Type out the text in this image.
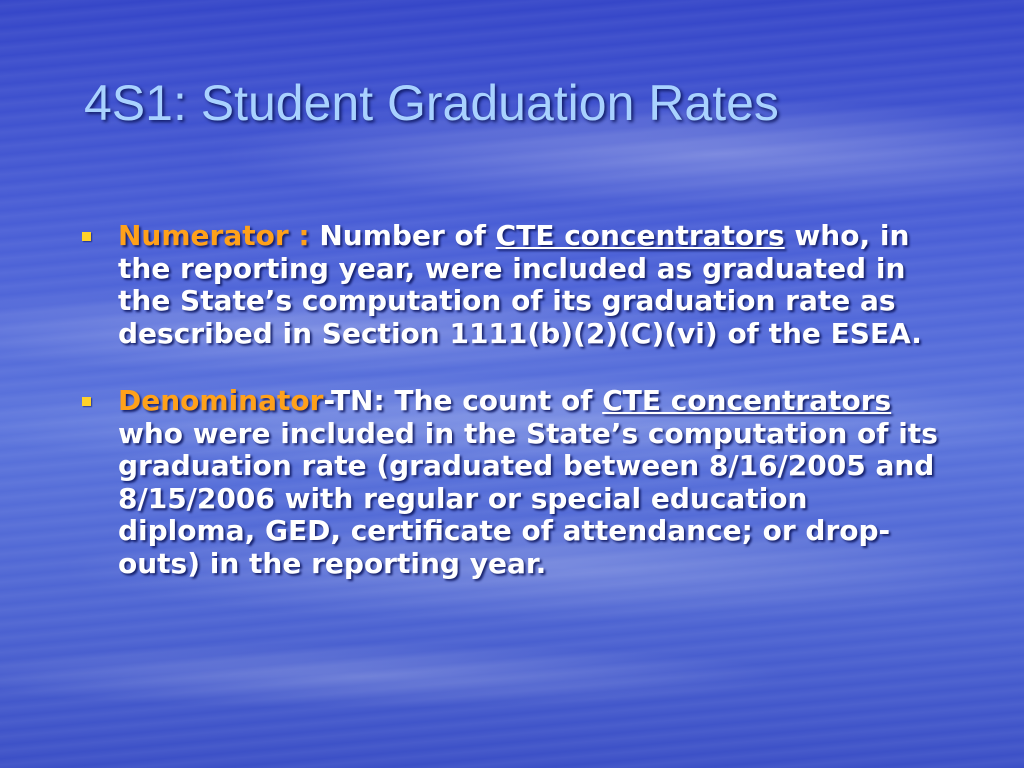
4S1: Student Graduation Rates
Numerator : Number of CTE concentrators who, in the reporting year, were included as graduated in the State’s computation of its graduation rate as described in Section 1111(b)(2)(C)(vi) of the ESEA.
Denominator-TN: The count of CTE concentrators who were included in the State’s computation of its graduation rate (graduated between 8/16/2005 and 8/15/2006 with regular or special education diploma, GED, certificate of attendance; or drop-outs) in the reporting year.
